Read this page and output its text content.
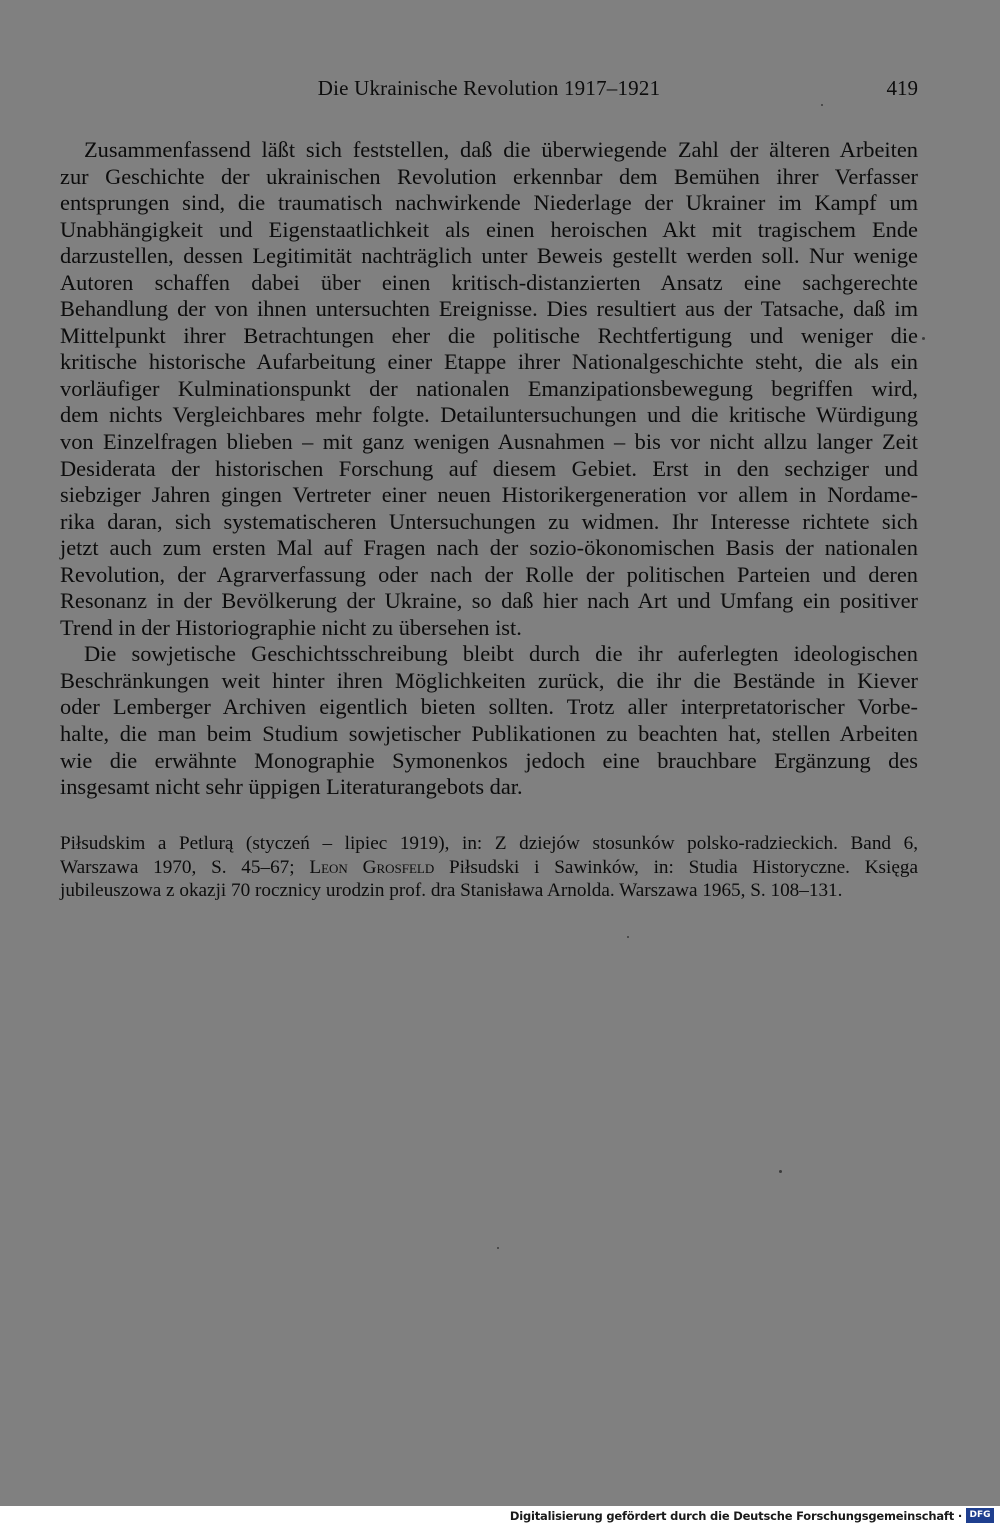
Die Ukrainische Revolution 1917–1921	419
Zusammenfassend läßt sich feststellen, daß die überwiegende Zahl der älteren Arbeiten
zur Geschichte der ukrainischen Revolution erkennbar dem Bemühen ihrer Verfasser
entsprungen sind, die traumatisch nachwirkende Niederlage der Ukrainer im Kampf um
Unabhängigkeit und Eigenstaatlichkeit als einen heroischen Akt mit tragischem Ende
darzustellen, dessen Legitimität nachträglich unter Beweis gestellt werden soll. Nur wenige
Autoren schaffen dabei über einen kritisch-distanzierten Ansatz eine sachgerechte
Behandlung der von ihnen untersuchten Ereignisse. Dies resultiert aus der Tatsache, daß im
Mittelpunkt ihrer Betrachtungen eher die politische Rechtfertigung und weniger die
kritische historische Aufarbeitung einer Etappe ihrer Nationalgeschichte steht, die als ein
vorläufiger Kulminationspunkt der nationalen Emanzipationsbewegung begriffen wird,
dem nichts Vergleichbares mehr folgte. Detailuntersuchungen und die kritische Würdigung
von Einzelfragen blieben – mit ganz wenigen Ausnahmen – bis vor nicht allzu langer Zeit
Desiderata der historischen Forschung auf diesem Gebiet. Erst in den sechziger und
siebziger Jahren gingen Vertreter einer neuen Historikergeneration vor allem in Nordame-
rika daran, sich systematischeren Untersuchungen zu widmen. Ihr Interesse richtete sich
jetzt auch zum ersten Mal auf Fragen nach der sozio-ökonomischen Basis der nationalen
Revolution, der Agrarverfassung oder nach der Rolle der politischen Parteien und deren
Resonanz in der Bevölkerung der Ukraine, so daß hier nach Art und Umfang ein positiver
Trend in der Historiographie nicht zu übersehen ist.
Die sowjetische Geschichtsschreibung bleibt durch die ihr auferlegten ideologischen
Beschränkungen weit hinter ihren Möglichkeiten zurück, die ihr die Bestände in Kiever
oder Lemberger Archiven eigentlich bieten sollten. Trotz aller interpretatorischer Vorbe-
halte, die man beim Studium sowjetischer Publikationen zu beachten hat, stellen Arbeiten
wie die erwähnte Monographie Symonenkos jedoch eine brauchbare Ergänzung des
insgesamt nicht sehr üppigen Literaturangebots dar.
Piłsudskim a Petlurą (styczeń – lipiec 1919), in: Z dziejów stosunków polsko-radzieckich. Band 6,
Warszawa 1970, S. 45–67; Leon Grosfeld Piłsudski i Sawinków, in: Studia Historyczne. Księga
jubileuszowa z okazji 70 rocznicy urodzin prof. dra Stanisława Arnolda. Warszawa 1965, S. 108–131.
Digitalisierung gefördert durch die Deutsche Forschungsgemeinschaft · DFG
